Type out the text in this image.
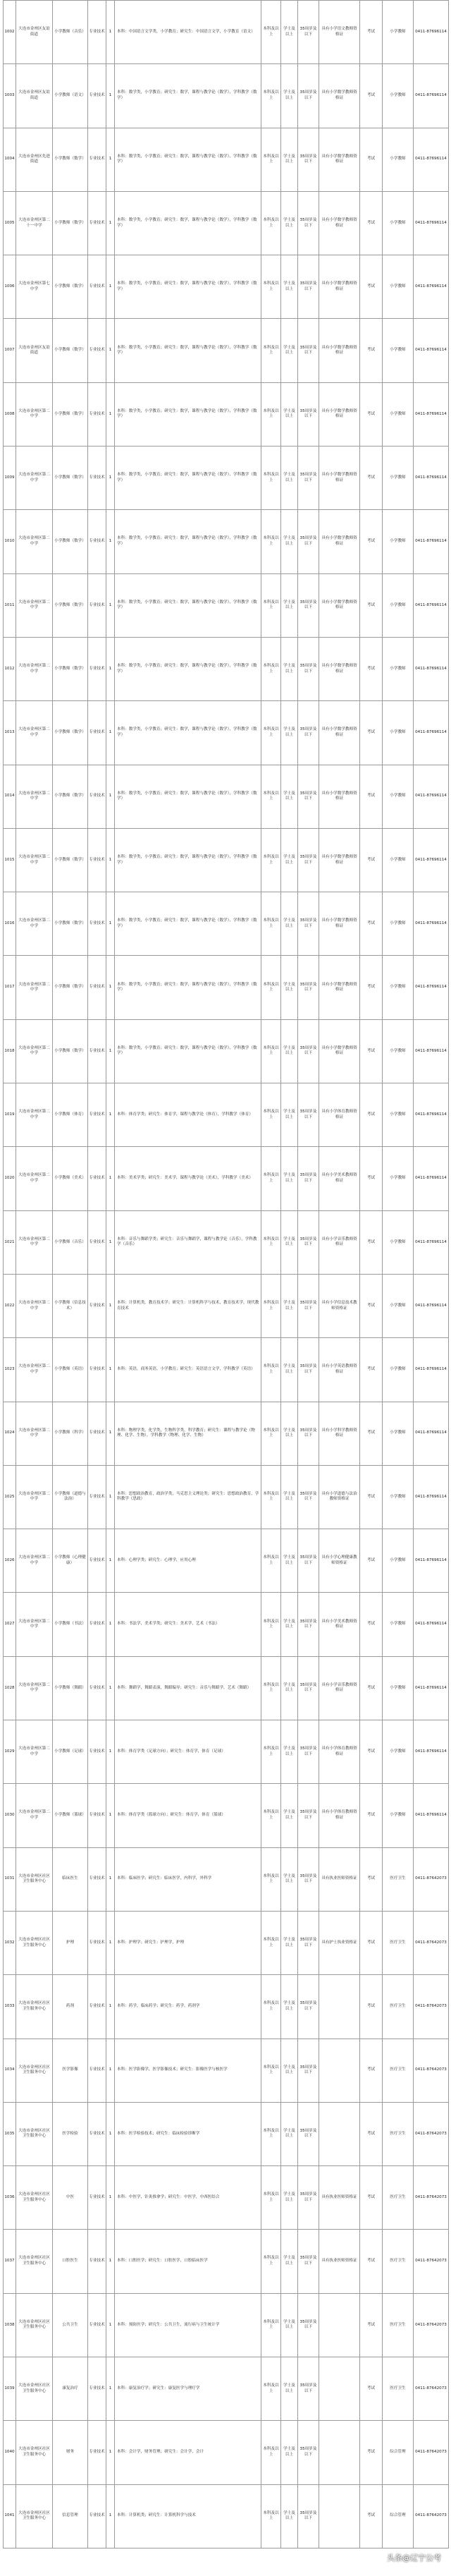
1002	大连市金州区友谊街道	小学教师（音乐）	专业技术	1	本科：中国语言文学类，小学教育；研究生：中国语言文学，小学教育（语文）	本科及以上	学士及以上	35周岁及以下	具有小学语文教师资格证	考试	小学教师	0411-87696114
1003	大连市金州区友谊街道	小学教师（语文）	专业技术	1	本科：数学类，小学教育；研究生：数学，课程与教学论（数学），学科教学（数学）	本科及以上	学士及以上	35周岁及以下	具有小学数学教师资格证	考试	小学教师	0411-87696114
1004	大连市金州区先进街道	小学教师（数学）	专业技术	1	本科：数学类，小学教育；研究生：数学，课程与教学论（数学），学科教学（数学）	本科及以上	学士及以上	35周岁及以下	具有小学数学教师资格证	考试	小学教师	0411-87696114
1005	大连市金州区第二十一中学	小学教师（数学）	专业技术	1	本科：数学类，小学教育；研究生：数学，课程与教学论（数学），学科教学（数学）	本科及以上	学士及以上	35周岁及以下	具有小学数学教师资格证	考试	小学教师	0411-87696114
1006	大连市金州区第七中学	小学教师（数学）	专业技术	1	本科：数学类，小学教育；研究生：数学，课程与教学论（数学），学科教学（数学）	本科及以上	学士及以上	35周岁及以下	具有小学数学教师资格证	考试	小学教师	0411-87696114
1007	大连市金州区友谊街道	小学教师（数学）	专业技术	1	本科：数学类，小学教育；研究生：数学，课程与教学论（数学），学科教学（数学）	本科及以上	学士及以上	35周岁及以下	具有小学数学教师资格证	考试	小学教师	0411-87696114
1008	大连市金州区第二中学	小学教师（数学）	专业技术	1	本科：数学类，小学教育；研究生：数学，课程与教学论（数学），学科教学（数学）	本科及以上	学士及以上	35周岁及以下	具有小学数学教师资格证	考试	小学教师	0411-87696114
1009	大连市金州区第二中学	小学教师（数学）	专业技术	1	本科：数学类，小学教育；研究生：数学，课程与教学论（数学），学科教学（数学）	本科及以上	学士及以上	35周岁及以下	具有小学数学教师资格证	考试	小学教师	0411-87696114
1010	大连市金州区第二中学	小学教师（数学）	专业技术	1	本科：数学类，小学教育；研究生：数学，课程与教学论（数学），学科教学（数学）	本科及以上	学士及以上	35周岁及以下	具有小学数学教师资格证	考试	小学教师	0411-87696114
1011	大连市金州区第二中学	小学教师（数学）	专业技术	1	本科：数学类，小学教育；研究生：数学，课程与教学论（数学），学科教学（数学）	本科及以上	学士及以上	35周岁及以下	具有小学数学教师资格证	考试	小学教师	0411-87696114
1012	大连市金州区第二中学	小学教师（数学）	专业技术	1	本科：数学类，小学教育；研究生：数学，课程与教学论（数学），学科教学（数学）	本科及以上	学士及以上	35周岁及以下	具有小学数学教师资格证	考试	小学教师	0411-87696114
1013	大连市金州区第二中学	小学教师（数学）	专业技术	1	本科：数学类，小学教育；研究生：数学，课程与教学论（数学），学科教学（数学）	本科及以上	学士及以上	35周岁及以下	具有小学数学教师资格证	考试	小学教师	0411-87696114
1014	大连市金州区第二中学	小学教师（数学）	专业技术	1	本科：数学类，小学教育；研究生：数学，课程与教学论（数学），学科教学（数学）	本科及以上	学士及以上	35周岁及以下	具有小学数学教师资格证	考试	小学教师	0411-87696114
1015	大连市金州区第二中学	小学教师（数学）	专业技术	1	本科：数学类，小学教育；研究生：数学，课程与教学论（数学），学科教学（数学）	本科及以上	学士及以上	35周岁及以下	具有小学数学教师资格证	考试	小学教师	0411-87696114
1016	大连市金州区第二中学	小学教师（数学）	专业技术	1	本科：数学类，小学教育；研究生：数学，课程与教学论（数学），学科教学（数学）	本科及以上	学士及以上	35周岁及以下	具有小学数学教师资格证	考试	小学教师	0411-87696114
1017	大连市金州区第二中学	小学教师（数学）	专业技术	1	本科：数学类，小学教育；研究生：数学，课程与教学论（数学），学科教学（数学）	本科及以上	学士及以上	35周岁及以下	具有小学数学教师资格证	考试	小学教师	0411-87696114
1018	大连市金州区第二中学	小学教师（数学）	专业技术	1	本科：数学类，小学教育；研究生：数学，课程与教学论（数学），学科教学（数学）	本科及以上	学士及以上	35周岁及以下	具有小学数学教师资格证	考试	小学教师	0411-87696114
1019	大连市金州区第二中学	小学教师（体育）	专业技术	1	本科：体育学类；研究生：体育学，课程与教学论（体育），学科教学（体育）	本科及以上	学士及以上	35周岁及以下	具有小学体育教师资格证	考试	小学教师	0411-87696114
1020	大连市金州区第二中学	小学教师（美术）	专业技术	1	本科：美术学类；研究生：美术学，课程与教学论（美术），学科教学（美术）	本科及以上	学士及以上	35周岁及以下	具有小学美术教师资格证	考试	小学教师	0411-87696114
1021	大连市金州区第二中学	小学教师（音乐）	专业技术	1	本科：音乐与舞蹈学类；研究生：音乐与舞蹈学，课程与教学论（音乐），学科教学（音乐）	本科及以上	学士及以上	35周岁及以下	具有小学音乐教师资格证	考试	小学教师	0411-87696114
1022	大连市金州区第二中学	小学教师（信息技术）	专业技术	1	本科：计算机类，教育技术学；研究生：计算机科学与技术，教育技术学，现代教育技术	本科及以上	学士及以上	35周岁及以下	具有小学信息技术教师资格证	考试	小学教师	0411-87696114
1023	大连市金州区第二中学	小学教师（英语）	专业技术	1	本科：英语，商务英语，小学教育；研究生：英语语言文学，学科教学（英语）	本科及以上	学士及以上	35周岁及以下	具有小学英语教师资格证	考试	小学教师	0411-87696114
1024	大连市金州区第二中学	小学教师（科学）	专业技术	1	本科：物理学类，化学类，生物科学类，科学教育；研究生：课程与教学论（物理、化学、生物），学科教学（物理、化学、生物）	本科及以上	学士及以上	35周岁及以下	具有小学科学教师资格证	考试	小学教师	0411-87696114
1025	大连市金州区第二中学	小学教师（道德与法治）	专业技术	1	本科：思想政治教育，政治学类，马克思主义理论类；研究生：思想政治教育，学科教学（思政）	本科及以上	学士及以上	35周岁及以下	具有小学道德与法治教师资格证	考试	小学教师	0411-87696114
1026	大连市金州区第二中学	小学教师（心理健康）	专业技术	1	本科：心理学类；研究生：心理学，应用心理	本科及以上	学士及以上	35周岁及以下	具有小学心理健康教师资格证	考试	小学教师	0411-87696114
1027	大连市金州区第二中学	小学教师（书法）	专业技术	1	本科：书法学，美术学类；研究生：美术学，艺术（书法）	本科及以上	学士及以上	35周岁及以下	具有小学美术教师资格证	考试	小学教师	0411-87696114
1028	大连市金州区第二中学	小学教师（舞蹈）	专业技术	1	本科：舞蹈学，舞蹈表演，舞蹈编导；研究生：音乐与舞蹈学，艺术（舞蹈）	本科及以上	学士及以上	35周岁及以下	具有小学音乐教师资格证	考试	小学教师	0411-87696114
1029	大连市金州区第二中学	小学教师（足球）	专业技术	1	本科：体育学类（足球方向）；研究生：体育学，体育（足球）	本科及以上	学士及以上	35周岁及以下	具有小学体育教师资格证	考试	小学教师	0411-87696114
1030	大连市金州区第二中学	小学教师（篮球）	专业技术	1	本科：体育学类（篮球方向）；研究生：体育学，体育（篮球）	本科及以上	学士及以上	35周岁及以下	具有小学体育教师资格证	考试	小学教师	0411-87696114
1031	大连市金州区社区卫生服务中心	临床医生	专业技术	1	本科：临床医学；研究生：临床医学，内科学，外科学	本科及以上	学士及以上	35周岁及以下	具有执业医师资格证	考试	医疗卫生	0411-87642073
1032	大连市金州区社区卫生服务中心	护理	专业技术	1	本科：护理学；研究生：护理学，护理	本科及以上	学士及以上	35周岁及以下	具有护士执业资格证	考试	医疗卫生	0411-87642073
1033	大连市金州区社区卫生服务中心	药剂	专业技术	1	本科：药学，临床药学；研究生：药学，药剂学	本科及以上	学士及以上	35周岁及以下		考试	医疗卫生	0411-87642073
1034	大连市金州区社区卫生服务中心	医学影像	专业技术	1	本科：医学影像学，医学影像技术；研究生：影像医学与核医学	本科及以上	学士及以上	35周岁及以下		考试	医疗卫生	0411-87642073
1035	大连市金州区社区卫生服务中心	医学检验	专业技术	1	本科：医学检验技术；研究生：临床检验诊断学	本科及以上	学士及以上	35周岁及以下		考试	医疗卫生	0411-87642073
1036	大连市金州区社区卫生服务中心	中医	专业技术	1	本科：中医学，针灸推拿学；研究生：中医学，中西医结合	本科及以上	学士及以上	35周岁及以下	具有执业医师资格证	考试	医疗卫生	0411-87642073
1037	大连市金州区社区卫生服务中心	口腔医生	专业技术	1	本科：口腔医学；研究生：口腔医学，口腔临床医学	本科及以上	学士及以上	35周岁及以下	具有执业医师资格证	考试	医疗卫生	0411-87642073
1038	大连市金州区社区卫生服务中心	公共卫生	专业技术	1	本科：预防医学；研究生：公共卫生，流行病与卫生统计学	本科及以上	学士及以上	35周岁及以下		考试	医疗卫生	0411-87642073
1039	大连市金州区社区卫生服务中心	康复治疗	专业技术	1	本科：康复治疗学；研究生：康复医学与理疗学	本科及以上	学士及以上	35周岁及以下		考试	医疗卫生	0411-87642073
1040	大连市金州区社区卫生服务中心	财务	专业技术	1	本科：会计学，财务管理；研究生：会计学，会计	本科及以上	学士及以上	35周岁及以下		考试	综合管理	0411-87642073
1041	大连市金州区社区卫生服务中心	信息管理	专业技术	1	本科：计算机类；研究生：计算机科学与技术	本科及以上	学士及以上	35周岁及以下		考试	综合管理	0411-87642073
头条@辽宁公考
